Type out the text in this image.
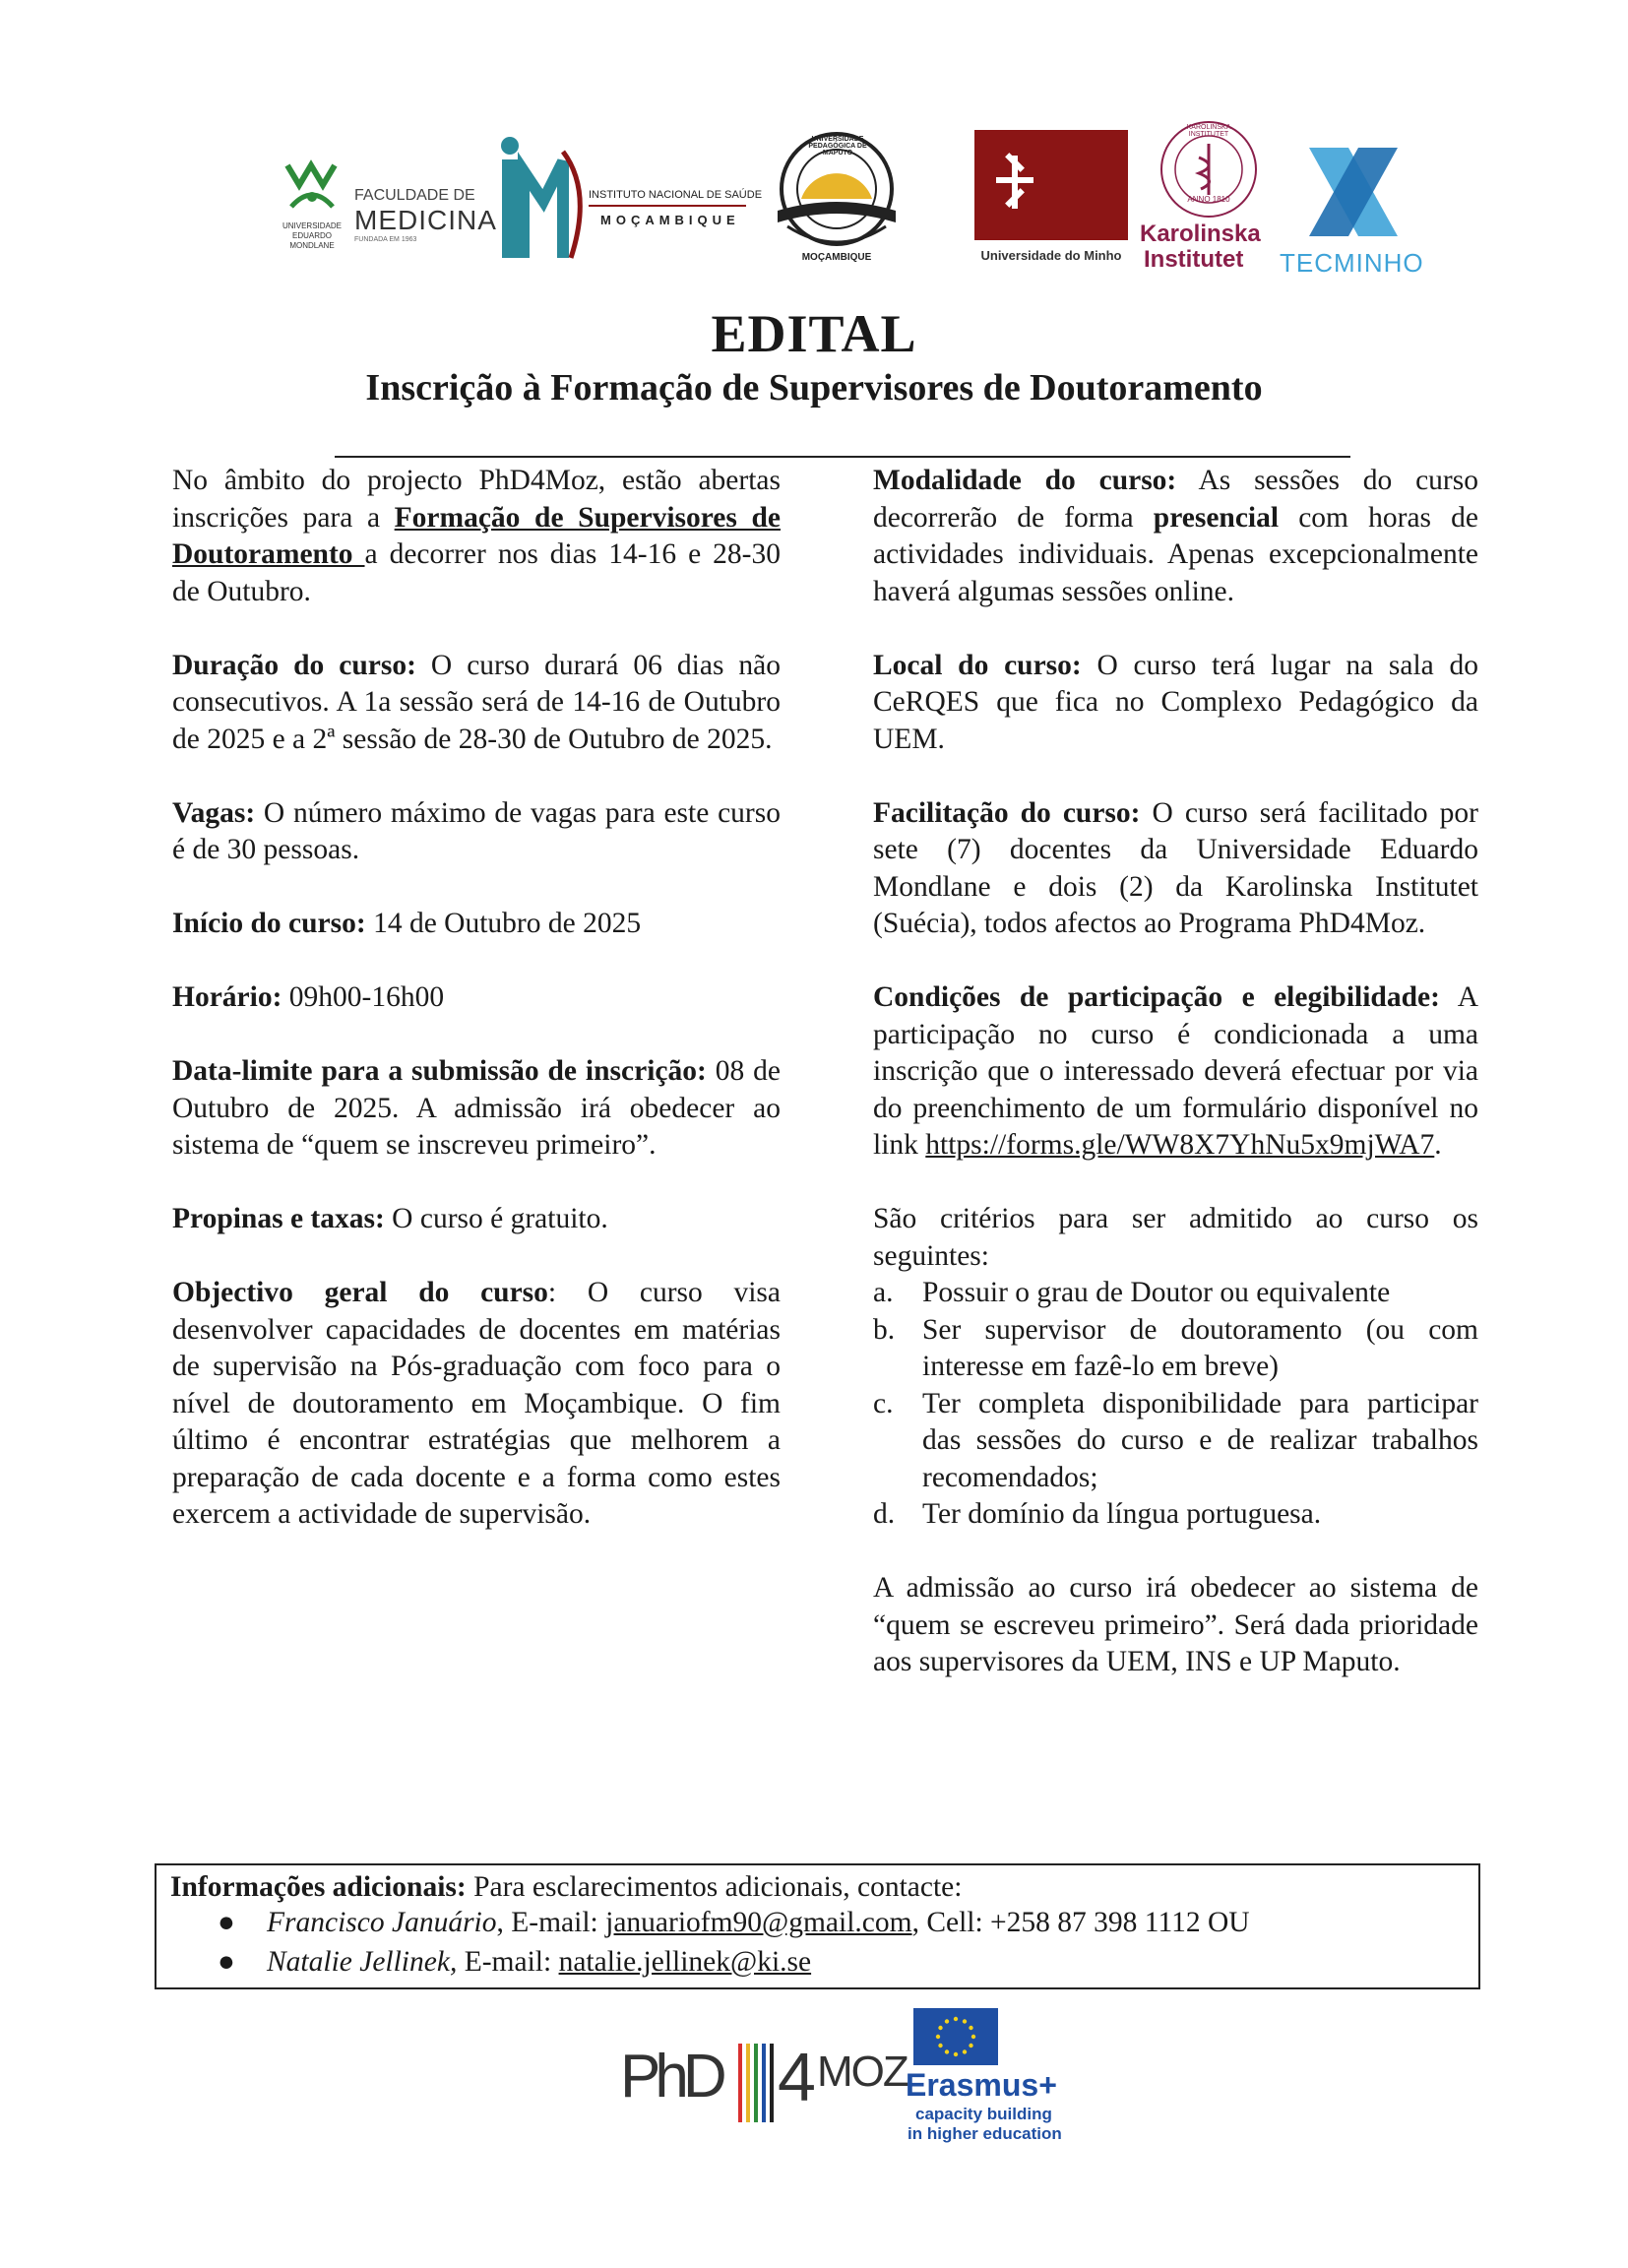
UNIVERSIDADE
EDUARDO
MONDLANE
FACULDADE DE
MEDICINA
FUNDADA EM 1963
INSTITUTO NACIONAL DE SAÚDE
MOÇAMBIQUE
UNIVERSIDADE PEDAGÓGICA DE MAPUTO
MOÇAMBIQUE	Universidade do Minho
KAROLINSKA INSTITUTET
ANNO 1810
Karolinska
Institutet TECMINHO
EDITAL
Inscrição à Formação de Supervisores de Doutoramento

No âmbito do projecto PhD4Moz, estão abertas inscrições para a Formação de Supervisores de Doutoramento a decorrer nos dias 14-16 e 28-30 de Outubro.

Duração do curso: O curso durará 06 dias não consecutivos. A 1a sessão será de 14-16 de Outubro de 2025 e a 2ª sessão de 28-30 de Outubro de 2025.

Vagas: O número máximo de vagas para este curso é de 30 pessoas.

Início do curso: 14 de Outubro de 2025

Horário: 09h00-16h00

Data-limite para a submissão de inscrição: 08 de Outubro de 2025. A admissão irá obedecer ao sistema de “quem se inscreveu primeiro”.

Propinas e taxas: O curso é gratuito.

Objectivo geral do curso: O curso visa desenvolver capacidades de docentes em matérias de supervisão na Pós-graduação com foco para o nível de doutoramento em Moçambique. O fim último é encontrar estratégias que melhorem a preparação de cada docente e a forma como estes exercem a actividade de supervisão.

Modalidade do curso: As sessões do curso decorrerão de forma presencial com horas de actividades individuais. Apenas excepcionalmente haverá algumas sessões online.

Local do curso: O curso terá lugar na sala do CeRQES que fica no Complexo Pedagógico da UEM.

Facilitação do curso: O curso será facilitado por sete (7) docentes da Universidade Eduardo Mondlane e dois (2) da Karolinska Institutet (Suécia), todos afectos ao Programa PhD4Moz.

Condições de participação e elegibilidade: A participação no curso é condicionada a uma inscrição que o interessado deverá efectuar por via do preenchimento de um formulário disponível no link https://forms.gle/WW8X7YhNu5x9mjWA7.

São critérios para ser admitido ao curso os seguintes:

a. Possuir o grau de Doutor ou equivalente
b. Ser supervisor de doutoramento (ou com interesse em fazê-lo em breve)
c. Ter completa disponibilidade para participar das sessões do curso e de realizar trabalhos recomendados;
d. Ter domínio da língua portuguesa.

A admissão ao curso irá obedecer ao sistema de “quem se escreveu primeiro”. Será dada prioridade aos supervisores da UEM, INS e UP Maputo.

Informações adicionais: Para esclarecimentos adicionais, contacte:
● Francisco Januário, E-mail: januariofm90@gmail.com, Cell: +258 87 398 1112 OU
● Natalie Jellinek, E-mail: natalie.jellinek@ki.se
PhD 4 MOZ
Erasmus+
capacity building
in higher education
